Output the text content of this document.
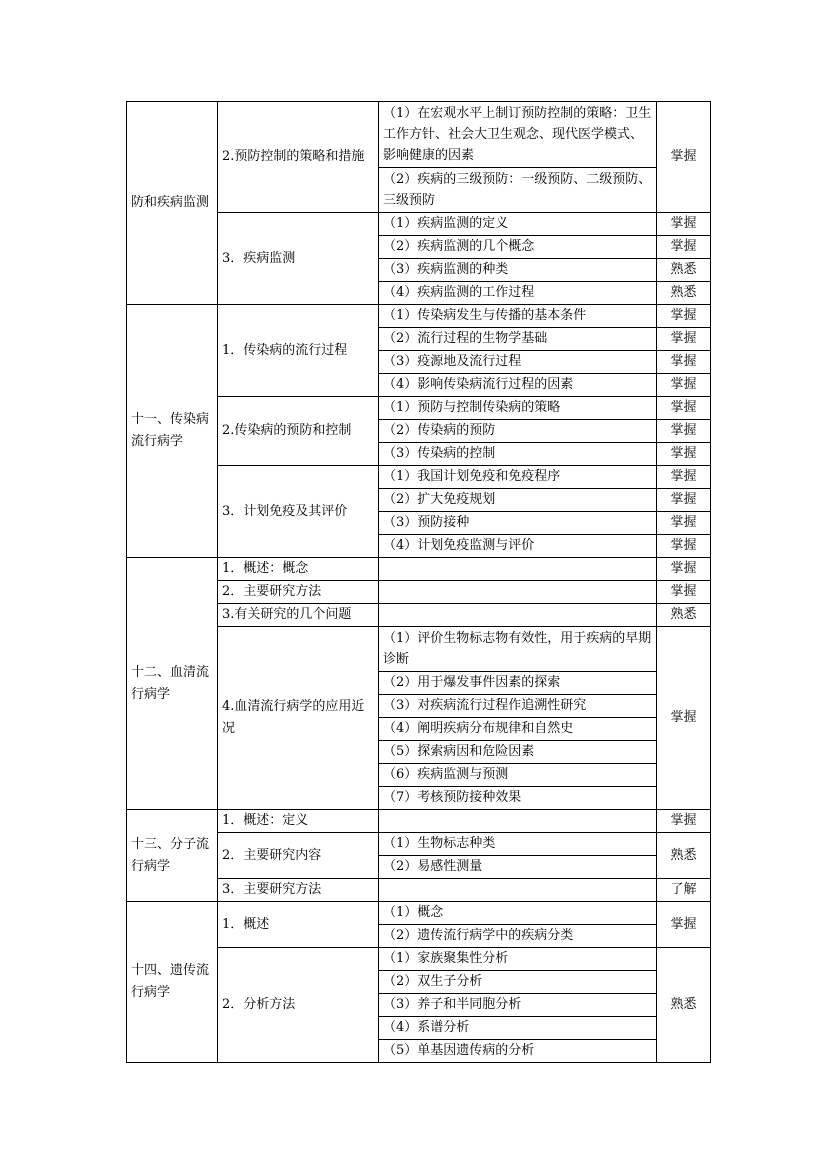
防和疾病监测	2.预防控制的策略和措施	（1）在宏观水平上制订预防控制的策略：卫生工作方针、社会大卫生观念、现代医学模式、影响健康的因素	掌握
		（2）疾病的三级预防：一级预防、二级预防、三级预防	
	3．疾病监测	（1）疾病监测的定义	掌握
		（2）疾病监测的几个概念	掌握
		（3）疾病监测的种类	熟悉
		（4）疾病监测的工作过程	熟悉
十一、传染病流行病学	1．传染病的流行过程	（1）传染病发生与传播的基本条件	掌握
		（2）流行过程的生物学基础	掌握
		（3）疫源地及流行过程	掌握
		（4）影响传染病流行过程的因素	掌握
	2.传染病的预防和控制	（1）预防与控制传染病的策略	掌握
		（2）传染病的预防	掌握
		（3）传染病的控制	掌握
	3．计划免疫及其评价	（1）我国计划免疫和免疫程序	掌握
		（2）扩大免疫规划	掌握
		（3）预防接种	掌握
		（4）计划免疫监测与评价	掌握
十二、血清流行病学	1．概述：概念		掌握
	2．主要研究方法		掌握
	3.有关研究的几个问题		熟悉
	4.血清流行病学的应用近况	（1）评价生物标志物有效性，用于疾病的早期诊断	掌握
		（2）用于爆发事件因素的探索	
		（3）对疾病流行过程作追溯性研究	
		（4）阐明疾病分布规律和自然史	
		（5）探索病因和危险因素	
		（6）疾病监测与预测	
		（7）考核预防接种效果	
十三、分子流行病学	1．概述：定义		掌握
	2．主要研究内容	（1）生物标志种类	熟悉
		（2）易感性测量	
	3．主要研究方法		了解
十四、遗传流行病学	1．概述	（1）概念	掌握
		（2）遗传流行病学中的疾病分类	
	2．分析方法	（1）家族聚集性分析	熟悉
		（2）双生子分析	
		（3）养子和半同胞分析	
		（4）系谱分析	
		（5）单基因遗传病的分析	
